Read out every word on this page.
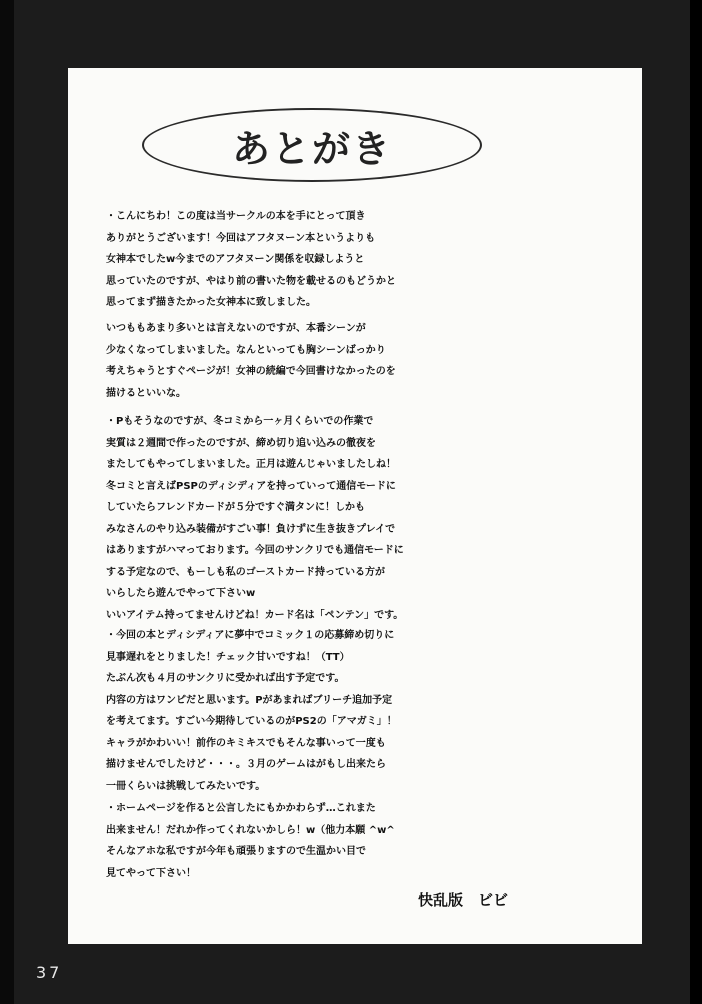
あとがき
・こんにちわ！この度は当サークルの本を手にとって頂き
ありがとうございます！今回はアフタヌーン本というよりも
女神本でしたw今までのアフタヌーン関係を収録しようと
思っていたのですが、やはり前の書いた物を載せるのもどうかと
思ってまず描きたかった女神本に致しました。
いつももあまり多いとは言えないのですが、本番シーンが
少なくなってしまいました。なんといっても胸シーンばっかり
考えちゃうとすぐページが！女神の続編で今回書けなかったのを
描けるといいな。
・Pもそうなのですが、冬コミから一ヶ月くらいでの作業で
実質は２週間で作ったのですが、締め切り追い込みの徹夜を
またしてもやってしまいました。正月は遊んじゃいましたしね！
冬コミと言えばPSPのディシディアを持っていって通信モードに
していたらフレンドカードが５分ですぐ満タンに！しかも
みなさんのやり込み装備がすごい事！負けずに生き抜きプレイで
はありますがハマっております。今回のサンクリでも通信モードに
する予定なので、もーしも私のゴーストカード持っている方が
いらしたら遊んでやって下さいw
いいアイテム持ってませんけどね！カード名は「ペンテン」です。
・今回の本とディシディアに夢中でコミック１の応募締め切りに
見事遅れをとりました！チェック甘いですね！（TT）
たぶん次も４月のサンクリに受かれば出す予定です。
内容の方はワンピだと思います。Pがあまればブリーチ追加予定
を考えてます。すごい今期待しているのがPS2の「アマガミ」！
キャラがかわいい！前作のキミキスでもそんな事いって一度も
描けませんでしたけど・・・。３月のゲームはがもし出来たら
一冊くらいは挑戦してみたいです。
・ホームページを作ると公言したにもかかわらず…これまた
出来ません！だれか作ってくれないかしら！w（他力本願 ^w^
そんなアホな私ですが今年も頑張りますので生温かい目で
見てやって下さい！
快乱版　ビビ
37
